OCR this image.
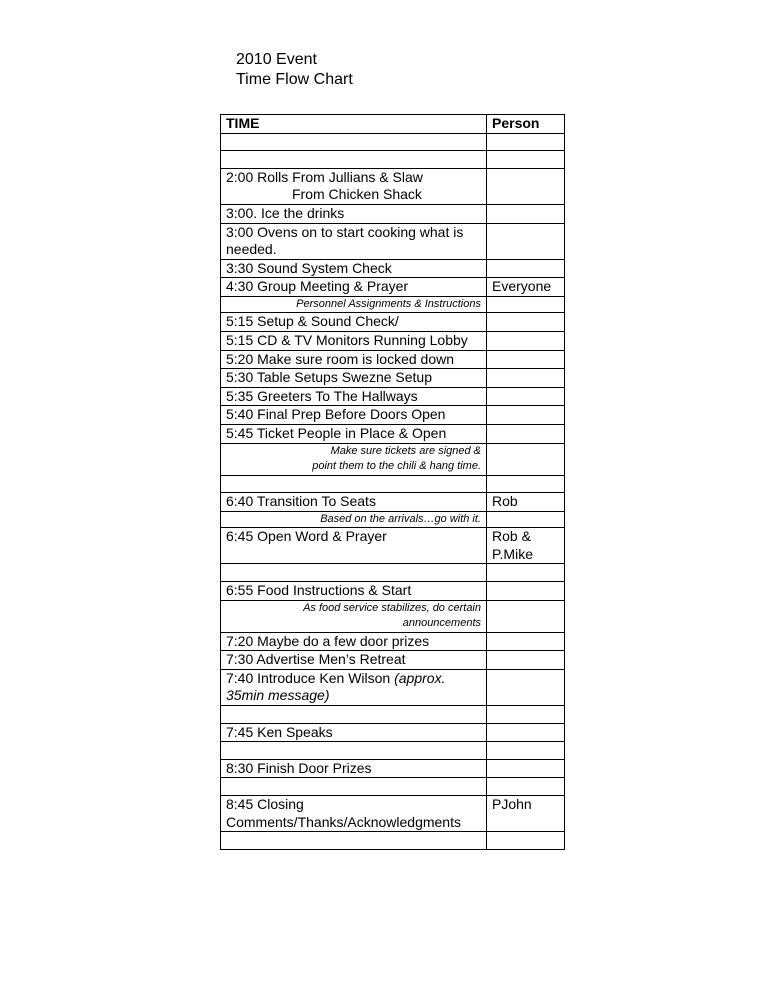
2010 Event
Time Flow Chart
TIME	Person

2:00 Rolls From Jullians & Slaw
From Chicken Shack	

3:00. Ice the drinks	

3:00 Ovens on to start cooking what is needed.	

3:30 Sound System Check	

4:30 Group Meeting & Prayer	Everyone

Personnel Assignments & Instructions	

5:15 Setup & Sound Check/	

5:15 CD & TV Monitors Running Lobby	

5:20 Make sure room is locked down	

5:30 Table Setups Swezne Setup	

5:35 Greeters To The Hallways	

5:40 Final Prep Before Doors Open	

5:45 Ticket People in Place & Open	

Make sure tickets are signed &
point them to the chili & hang time.	

6:40 Transition To Seats	Rob

Based on the arrivals…go with it.	

6:45 Open Word & Prayer	Rob & P.Mike

6:55 Food Instructions & Start	

As food service stabilizes, do certain
announcements	

7:20 Maybe do a few door prizes	

7:30 Advertise Men’s Retreat	

7:40 Introduce Ken Wilson (approx. 35min message)	

7:45 Ken Speaks	

8:30 Finish Door Prizes	

8:45 Closing Comments/Thanks/Acknowledgments	PJohn
